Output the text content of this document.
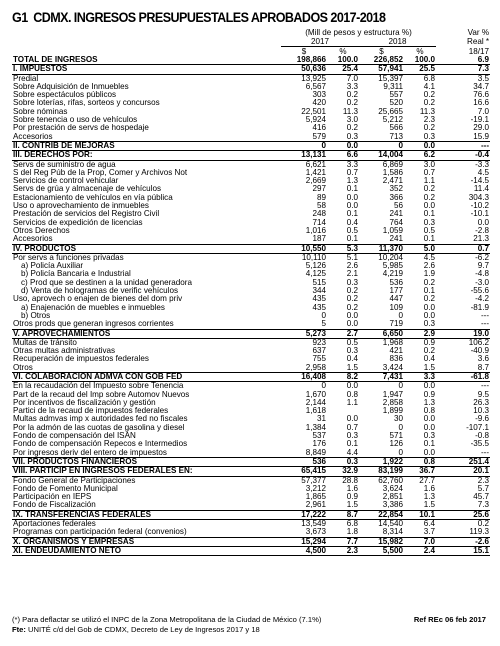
G1 CDMX. INGRESOS PRESUPUESTALES APROBADOS 2017-2018
	(Mill de pesos y estructura %)				Var %
	2017		2018		Real *
	$	%	$	%	18/17
TOTAL DE INGRESOS	198,866	100.0	226,852	100.0	6.9
I. IMPUESTOS	50,636	25.4	57,941	25.5	7.3
Predial	13,925	7.0	15,397	6.8	3.5
Sobre Adquisición de Inmuebles	6,567	3.3	9,311	4.1	34.7
Sobre espectáculos públicos	303	0.2	557	0.2	76.6
Sobre loterías, rifas, sorteos y concursos	420	0.2	520	0.2	16.6
Sobre nóminas	22,501	11.3	25,665	11.3	7.0
Sobre tenencia o uso de vehículos	5,924	3.0	5,212	2.3	-19.1
Por prestación de servs de hospedaje	416	0.2	566	0.2	29.0
Accesorios	579	0.3	713	0.3	15.9
II. CONTRIB DE MEJORAS	0	0.0	0	0.0	---
III. DERECHOS POR:	13,131	6.6	14,004	6.2	-0.4
Servs de suministro de agua	6,621	3.3	6,869	3.0	-3.3
S del Reg Púb de la Prop, Comer y Archivos Not	1,421	0.7	1,586	0.7	4.5
Servicios de control vehicular	2,669	1.3	2,471	1.1	-14.5
Servs de grúa y almacenaje de vehículos	297	0.1	352	0.2	11.4
Estacionamiento de vehículos en vía pública	89	0.0	366	0.2	304.3
Uso o aprovechamiento de inmuebles	58	0.0	56	0.0	-10.2
Prestación de servicios del Registro Civil	248	0.1	241	0.1	-10.1
Servicios de expedición de licencias	714	0.4	764	0.3	0.0
Otros Derechos	1,016	0.5	1,059	0.5	-2.8
Accesorios	187	0.1	241	0.1	21.3
IV. PRODUCTOS	10,550	5.3	11,370	5.0	0.7
Por servs a funciones privadas	10,110	5.1	10,204	4.5	-6.2
a) Policía Auxiliar	5,126	2.6	5,985	2.6	9.7
b) Policía Bancaria e Industrial	4,125	2.1	4,219	1.9	-4.8
c) Prod que se destinen a la unidad generadora	515	0.3	536	0.2	-3.0
d) Venta de hologramas de verific vehículos	344	0.2	177	0.1	-55.6
Uso, aprovech o enajen de bienes del dom priv	435	0.2	447	0.2	-4.2
a) Enajenación de muebles e inmuebles	435	0.2	109	0.0	-81.9
b) Otros	0	0.0	0	0.0	---
Otros prods que generan ingresos corrientes	5	0.0	719	0.3	---
V. APROVECHAMIENTOS	5,273	2.7	6,650	2.9	19.0
Multas de tránsito	923	0.5	1,968	0.9	106.2
Otras multas administrativas	637	0.3	421	0.2	-40.9
Recuperación de impuestos federales	755	0.4	836	0.4	3.6
Otros	2,958	1.5	3,424	1.5	8.7
VI. COLABORACION ADMVA CON GOB FED	16,408	8.2	7,431	3.3	-61.8
En la recaudación del Impuesto sobre Tenencia	0	0.0	0	0.0	---
Part de la recaud del Imp sobre Automov Nuevos	1,670	0.8	1,947	0.9	9.5
Por incentivos de fiscalización y gestión	2,144	1.1	2,858	1.3	26.3
Partici de la recaud de impuestos federales	1,618		1,899	0.8	10.3
Multas admvas imp x autoridades fed no fiscales	31	0.0	30	0.0	-9.6
Por la admón de las cuotas de gasolina y diesel	1,384	0.7	0	0.0	-107.1
Fondo de compensación del ISAN	537	0.3	571	0.3	-0.8
Fondo de compensación Repecos e Intermedios	176	0.1	126	0.1	-35.5
Por ingresos deriv del entero de impuestos	8,849	4.4	0	0.0	---
VII. PRODUCTOS FINANCIEROS	536	0.3	1,922	0.8	251.4
VIII. PARTICIP EN INGRESOS FEDERALES EN:	65,415	32.9	83,199	36.7	20.1
Fondo General de Participaciones	57,377	28.8	62,760	27.7	2.3
Fondo de Fomento Municipal	3,212	1.6	3,624	1.6	5.7
Participación en IEPS	1,865	0.9	2,851	1.3	45.7
Fondo de Fiscalización	2,961	1.5	3,386	1.5	7.3
IX. TRANSFERENCIAS FEDERALES	17,222	8.7	22,854	10.1	25.6
Aportaciones federales	13,549	6.8	14,540	6.4	0.2
Programas con participación federal (convenios)	3,673	1.8	8,314	3.7	119.3
X. ORGANISMOS Y EMPRESAS	15,294	7.7	15,982	7.0	-2.6
XI. ENDEUDAMIENTO NETO	4,500	2.3	5,500	2.4	15.1
(*) Para deflactar se utilizó el INPC de la Zona Metropolitana de la Ciudad de México (7.1%)	Ref REc 06 feb 2017
Fte: UNITÉ c/d del Gob de CDMX, Decreto de Ley de Ingresos 2017 y 18
